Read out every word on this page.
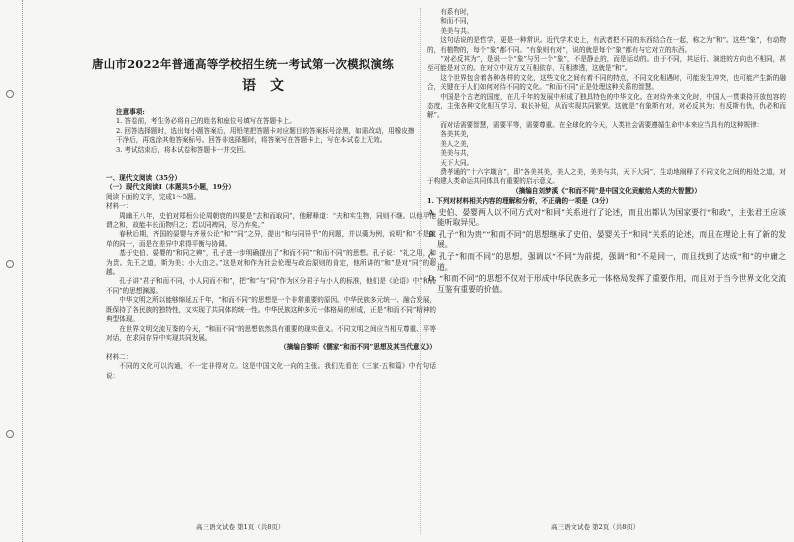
唐山市2022年普通高等学校招生统一考试第一次模拟演练
语文

注意事项:

1. 答卷前，考生务必将自己的姓名和座位号填写在答题卡上。

2. 回答选择题时，选出每小题答案后，用铅笔把答题卡对应题目的答案标号涂黑，如需改动，用橡皮擦干净后，再选涂其他答案标号。回答非选择题时，将答案写在答题卡上，写在本试卷上无效。

3. 考试结束后，将本试卷和答题卡一并交回。

一、现代文阅读（35分）

（一）现代文阅读Ⅰ（本题共5小题，19分）

阅读下面的文字，完成1～5题。

材料一：

周幽王八年，史伯对郑桓公论周朝衰的四要是“去和而取同”，他解释道：“夫和实生物，同则不继。以他平他谓之和，故能丰长而物归之；若以同裨同，尽乃弃矣。”

春秋后期，齐国的晏婴与齐景公论“和”“同”之异，提出“和与同异乎”的问题，并以羹为例，说明“和”不是简单的同一，而是在差异中求得平衡与协调。

基于史伯、晏婴的“和同之辨”，孔子进一步明确提出了“和而不同”“和而不同”的思想。孔子说：“礼之用，和为贵。先王之道，斯为美；小大由之。”这是对和作为社会伦理与政治原则的肯定，他所讲的“和”是对“同”的超越。

孔子讲“君子和而不同，小人同而不和”，把“和”与“同”作为区分君子与小人的标准，他们是《论语》中“和而不同”的思想渊源。

中华文明之所以能够绵延五千年，“和而不同”的思想是一个非常重要的原因。中华民族多元统一、融合发展，既保持了各民族的独特性，又实现了共同体的统一性。中华民族这种多元一体格局的形成，正是“和而不同”精神的典型体现。

在世界文明交流互鉴的今天，“和而不同”的思想依然具有重要的现实意义。不同文明之间应当相互尊重、平等对话，在求同存异中实现共同发展。

（摘编自黎昕《儒家“和而不同”思想及其当代意义》）

材料二：

不同的文化可以沟通，不一定非得对立。这是中国文化一向的主张。我们先看在《三家·五和篇》中有句话说：

高三语文试卷 第1页（共8页）

有系有时，

和而不同，

美美与共。

这句话说的是哲学，更是一种常识。近代学术史上，有武者把不同的东西结合在一起，称之为“和”。这些“象”，有动物的，有植物的，每个“象”都不同。“有象则有对”，说的就是每个“象”都有与它对立的东西。

“对必反其为”，是说一个“象”与另一个“象”，不是静止的，而是运动的。由于不同，其运行、演进的方向也不相同，甚至可能是对立的。在对立中双方又互相依存、互相渗透，这就是“和”。

这个世界包含着各种各样的文化，这些文化之间有着不同的特点，不同文化相遇时，可能发生冲突，也可能产生新的融合，关键在于人们如何对待不同的文化。“和而不同”正是处理这种关系的智慧。

中国是个古老的国度，在几千年的发展中形成了独具特色的中华文化。在对待外来文化时，中国人一贯秉持开放包容的态度，主张各种文化相互学习、取长补短，从而实现共同繁荣。这就是“有象斯有对，对必反其为；有反斯有仇，仇必和而解”。

而对话需要智慧，需要平等，需要尊重。在全球化的今天，人类社会需要遵循生命中本来应当具有的这种规律：

各美其美，

美人之美，

美美与共，

天下大同。

费孝通的“十六字箴言”，即“各美其美，美人之美，美美与共，天下大同”，生动地阐释了不同文化之间的相处之道，对于构建人类命运共同体具有重要的启示意义。

（摘编自刘梦溪《“和而不同”是中国文化贡献给人类的大智慧》）

1. 下列对材料相关内容的理解和分析，不正确的一项是（3分）

A. 史伯、晏婴两人以不同方式对“和同”关系进行了论述，而且出都认为国家要行“和政”，主张君王应该能听取异见。

B. 孔子“和为贵”“和而不同”的思想继承了史伯、晏婴关于“和同”关系的论述，而且在理论上有了新的发展。

C. 孔子“和而不同”的思想，强调以“不同”为前提，强调“和”不是同一，而且找到了达成“和”的中庸之道。

D. “和而不同”的思想不仅对于形成中华民族多元一体格局发挥了重要作用，而且对于当今世界文化交流互鉴有重要的价值。

高三语文试卷 第2页（共8页）
